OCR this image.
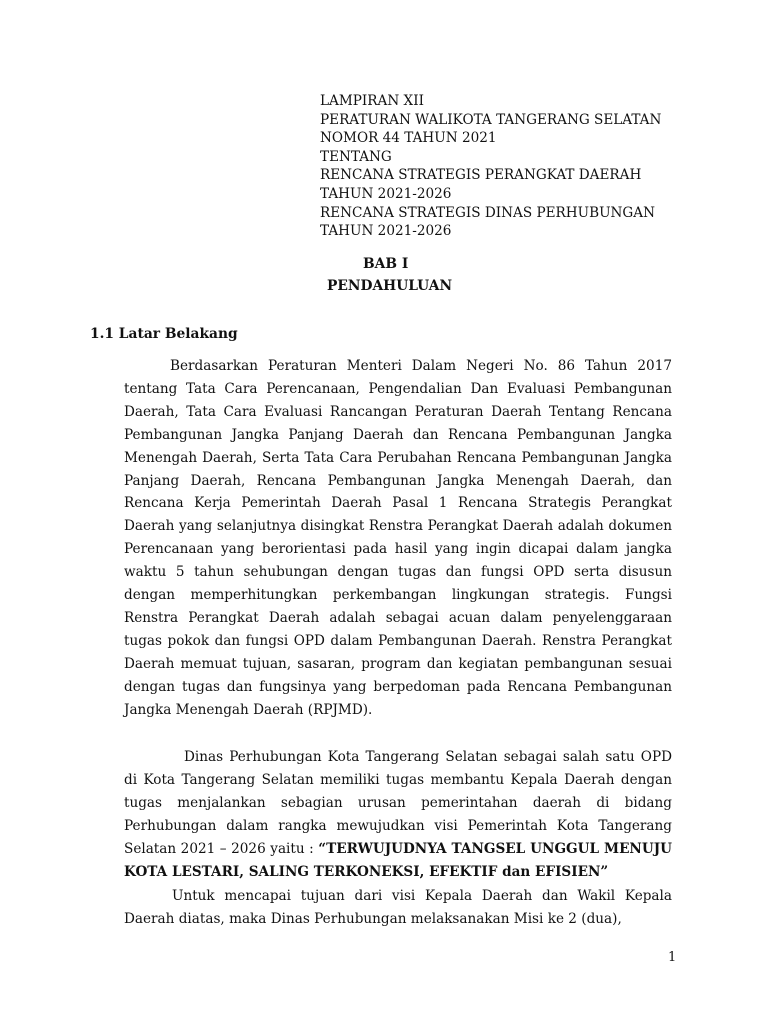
LAMPIRAN XII
PERATURAN WALIKOTA TANGERANG SELATAN
NOMOR 44 TAHUN 2021
TENTANG
RENCANA STRATEGIS PERANGKAT DAERAH
TAHUN 2021-2026
RENCANA STRATEGIS DINAS PERHUBUNGAN
TAHUN 2021-2026
BAB I
PENDAHULUAN
1.1 Latar Belakang
Berdasarkan Peraturan Menteri Dalam Negeri No. 86 Tahun 2017 tentang Tata Cara Perencanaan, Pengendalian Dan Evaluasi Pembangunan Daerah, Tata Cara Evaluasi Rancangan Peraturan Daerah Tentang Rencana Pembangunan Jangka Panjang Daerah dan Rencana Pembangunan Jangka Menengah Daerah, Serta Tata Cara Perubahan Rencana Pembangunan Jangka Panjang Daerah, Rencana Pembangunan Jangka Menengah Daerah, dan Rencana Kerja Pemerintah Daerah Pasal 1 Rencana Strategis Perangkat Daerah yang selanjutnya disingkat Renstra Perangkat Daerah adalah dokumen Perencanaan yang berorientasi pada hasil yang ingin dicapai dalam jangka waktu 5 tahun sehubungan dengan tugas dan fungsi OPD serta disusun dengan memperhitungkan perkembangan lingkungan strategis. Fungsi Renstra Perangkat Daerah adalah sebagai acuan dalam penyelenggaraan tugas pokok dan fungsi OPD dalam Pembangunan Daerah. Renstra Perangkat Daerah memuat tujuan, sasaran, program dan kegiatan pembangunan sesuai dengan tugas dan fungsinya yang berpedoman pada Rencana Pembangunan Jangka Menengah Daerah (RPJMD).
Dinas Perhubungan Kota Tangerang Selatan sebagai salah satu OPD di Kota Tangerang Selatan memiliki tugas membantu Kepala Daerah dengan tugas menjalankan sebagian urusan pemerintahan daerah di bidang Perhubungan dalam rangka mewujudkan visi Pemerintah Kota Tangerang Selatan 2021 – 2026 yaitu : “TERWUJUDNYA TANGSEL UNGGUL MENUJU KOTA LESTARI, SALING TERKONEKSI, EFEKTIF dan EFISIEN”
Untuk mencapai tujuan dari visi Kepala Daerah dan Wakil Kepala Daerah diatas, maka Dinas Perhubungan melaksanakan Misi ke 2 (dua),
1
